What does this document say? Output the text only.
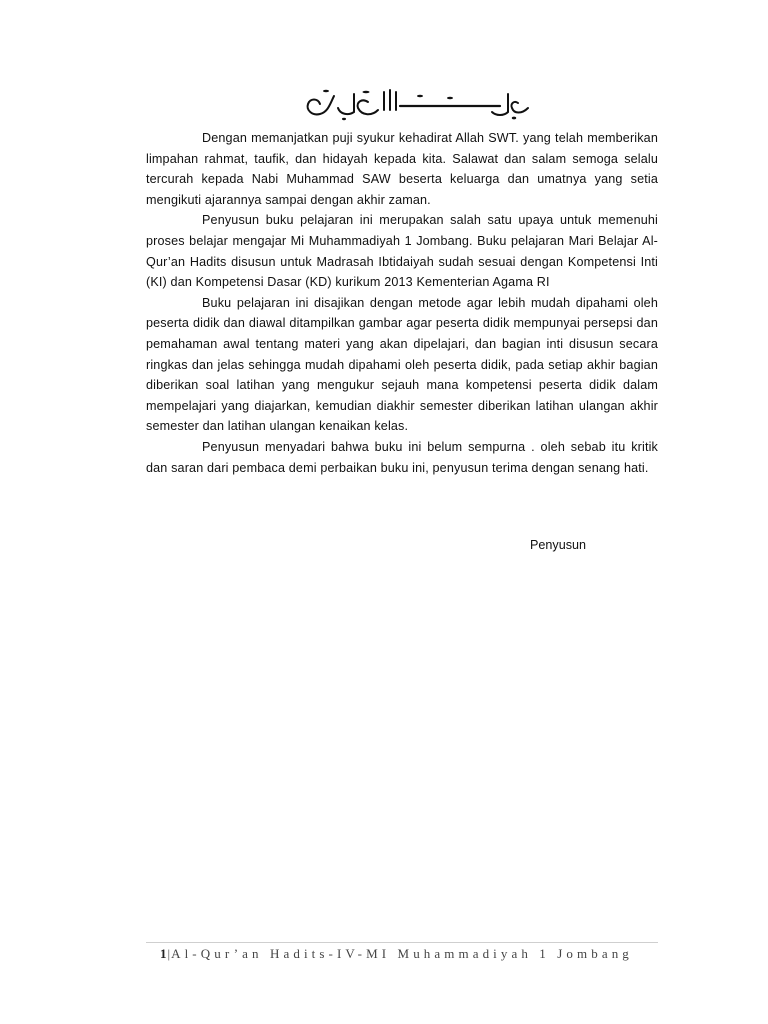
Dengan memanjatkan puji syukur kehadirat Allah SWT. yang telah memberikan limpahan rahmat, taufik, dan hidayah kepada kita. Salawat dan salam semoga selalu tercurah kepada Nabi Muhammad SAW beserta keluarga dan umatnya yang setia mengikuti ajarannya sampai dengan akhir zaman.

Penyusun buku pelajaran ini merupakan salah satu upaya untuk memenuhi proses belajar mengajar Mi Muhammadiyah 1 Jombang. Buku pelajaran Mari Belajar Al-Qur’an Hadits disusun untuk Madrasah Ibtidaiyah sudah sesuai dengan Kompetensi Inti (KI) dan Kompetensi Dasar (KD) kurikum 2013 Kementerian Agama RI

Buku pelajaran ini disajikan dengan metode agar lebih mudah dipahami oleh peserta didik dan diawal ditampilkan gambar agar peserta didik mempunyai persepsi dan pemahaman awal tentang materi yang akan dipelajari, dan bagian inti disusun secara ringkas dan jelas sehingga mudah dipahami oleh peserta didik, pada setiap akhir bagian diberikan soal latihan yang mengukur sejauh mana kompetensi peserta didik dalam mempelajari yang diajarkan, kemudian diakhir semester diberikan latihan ulangan akhir semester dan latihan ulangan kenaikan kelas.

Penyusun menyadari bahwa buku ini belum sempurna . oleh sebab itu kritik dan saran dari pembaca demi perbaikan buku ini, penyusun terima dengan senang hati.

Penyusun
1|Al-Qur’an Hadits-IV-MI Muhammadiyah 1 Jombang
